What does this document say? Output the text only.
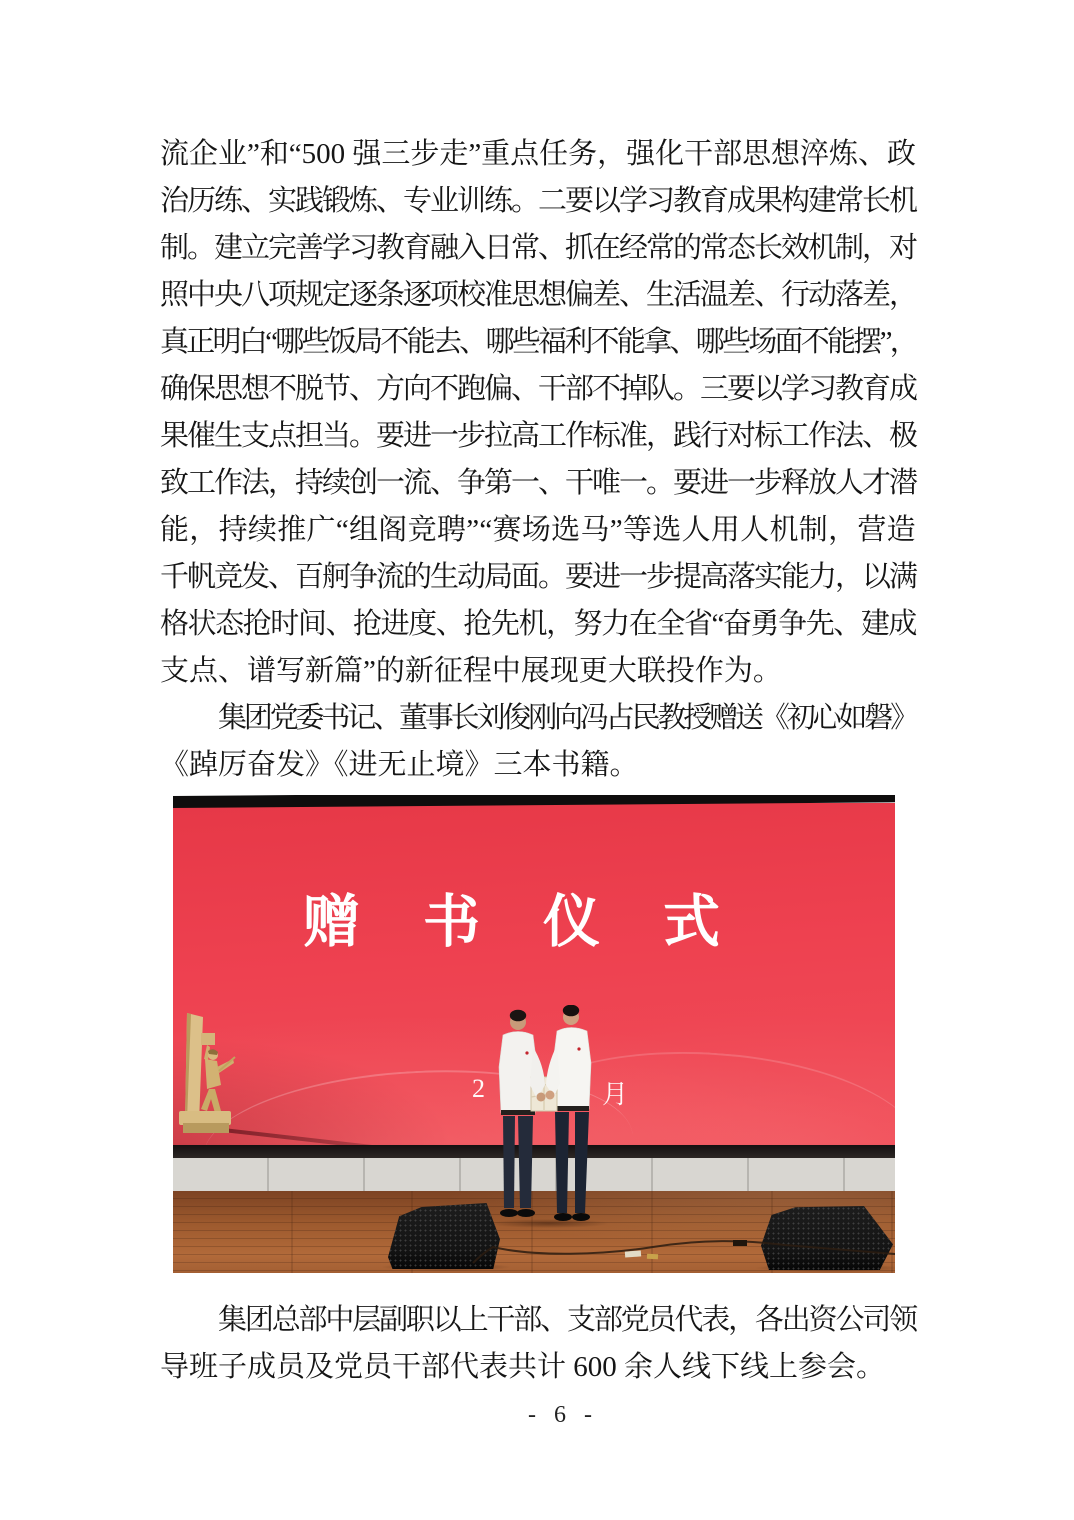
流企业”和“500 强三步走”重点任务，强化干部思想淬炼、政
治历练、实践锻炼、专业训练。二要以学习教育成果构建常长机
制。建立完善学习教育融入日常、抓在经常的常态长效机制，对
照中央八项规定逐条逐项校准思想偏差、生活温差、行动落差，
真正明白“哪些饭局不能去、哪些福利不能拿、哪些场面不能摆”，
确保思想不脱节、方向不跑偏、干部不掉队。三要以学习教育成
果催生支点担当。要进一步拉高工作标准，践行对标工作法、极
致工作法，持续创一流、争第一、干唯一。要进一步释放人才潜
能，持续推广“组阁竞聘”“赛场选马”等选人用人机制，营造
千帆竞发、百舸争流的生动局面。要进一步提高落实能力，以满
格状态抢时间、抢进度、抢先机，努力在全省“奋勇争先、建成
支点、谱写新篇”的新征程中展现更大联投作为。
集团党委书记、董事长刘俊刚向冯占民教授赠送《初心如磐》
《踔厉奋发》《进无止境》三本书籍。
赠书仪式
2	月
集团总部中层副职以上干部、支部党员代表，各出资公司领
导班子成员及党员干部代表共计 600 余人线下线上参会。
- 6 -
